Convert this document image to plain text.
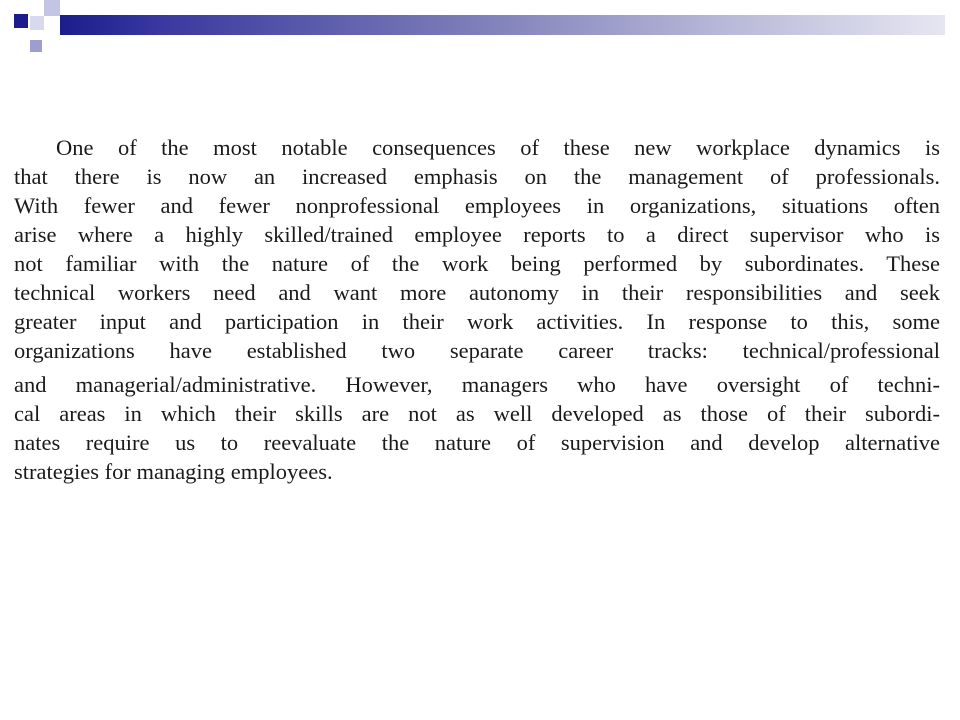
One of the most notable consequences of these new workplace dynamics is
that there is now an increased emphasis on the management of professionals.
With fewer and fewer nonprofessional employees in organizations, situations often
arise where a highly skilled/trained employee reports to a direct supervisor who is
not familiar with the nature of the work being performed by subordinates. These
technical workers need and want more autonomy in their responsibilities and seek
greater input and participation in their work activities. In response to this, some
organizations have established two separate career tracks: technical/professional
and managerial/administrative. However, managers who have oversight of techni-
cal areas in which their skills are not as well developed as those of their subordi-
nates require us to reevaluate the nature of supervision and develop alternative
strategies for managing employees.
